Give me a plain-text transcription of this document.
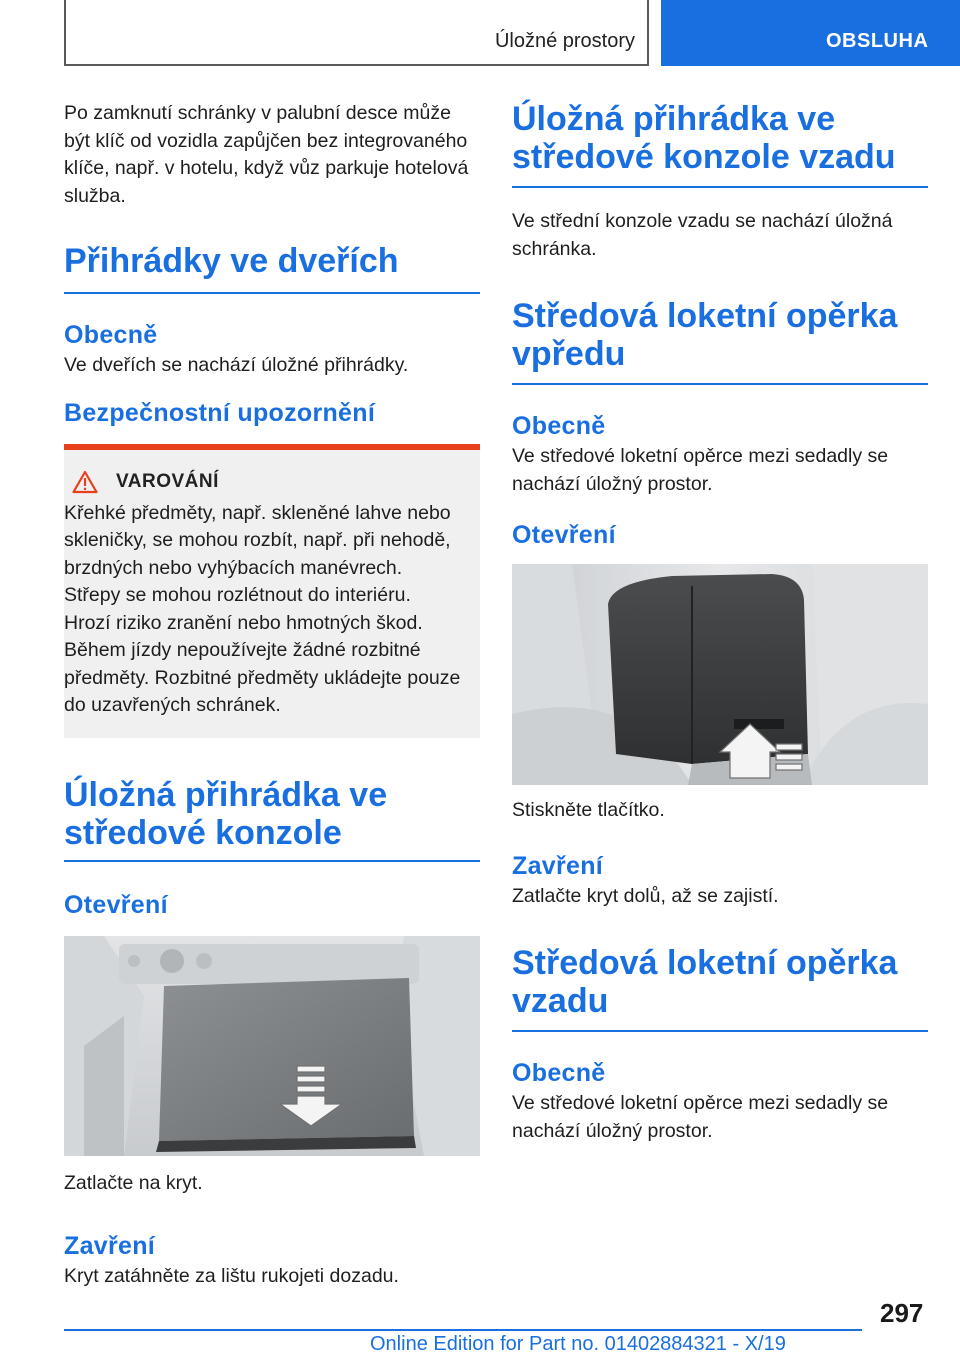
Úložné prostory	OBSLUHA

Po zamknutí schránky v palubní desce může být klíč od vozidla zapůjčen bez integrovaného klíče, např. v hotelu, když vůz parkuje hotelová služba.

Přihrádky ve dveřích
Obecně

Ve dveřích se nachází úložné přihrádky.

Bezpečnostní upozornění
VAROVÁNÍ

Křehké předměty, např. skleněné lahve nebo skleničky, se mohou rozbít, např. při nehodě, brzdných nebo vyhýbacích manévrech. Střepy se mohou rozlétnout do interiéru. Hrozí riziko zranění nebo hmotných škod. Během jízdy nepoužívejte žádné rozbitné předměty. Rozbitné předměty ukládejte pouze do uzavřených schránek.

Úložná přihrádka ve středové konzole
Otevření

Zatlačte na kryt.

Zavření

Kryt zatáhněte za lištu rukojeti dozadu.

Úložná přihrádka ve středové konzole vzadu

Ve střední konzole vzadu se nachází úložná schránka.

Středová loketní opěrka vpředu
Obecně

Ve středové loketní opěrce mezi sedadly se nachází úložný prostor.

Otevření

Stiskněte tlačítko.

Zavření

Zatlačte kryt dolů, až se zajistí.

Středová loketní opěrka vzadu
Obecně

Ve středové loketní opěrce mezi sedadly se nachází úložný prostor.

297
Online Edition for Part no. 01402884321 - X/19
